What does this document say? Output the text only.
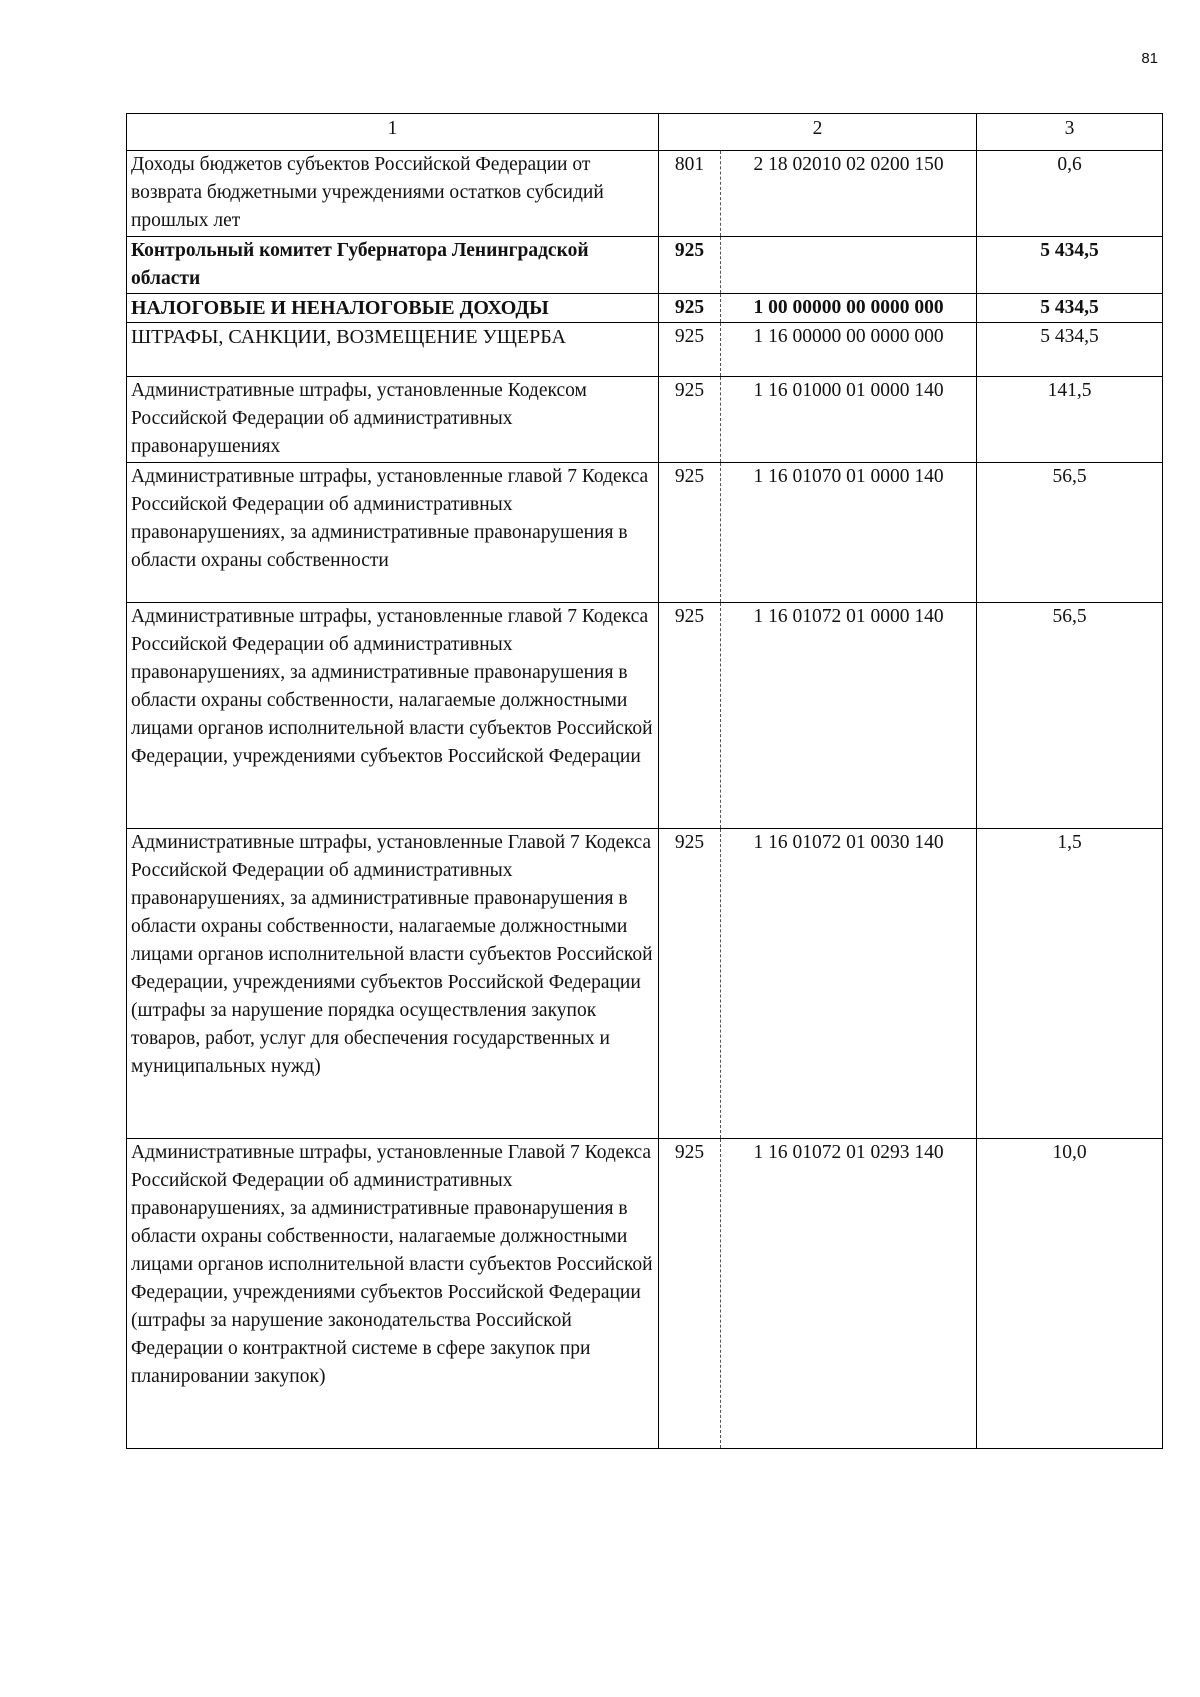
81
1	2		3
Доходы бюджетов субъектов Российской Федерации от возврата бюджетными учреждениями остатков субсидий прошлых лет	801	2 18 02010 02 0200 150	0,6
Контрольный комитет Губернатора Ленинградской области	925		5 434,5
НАЛОГОВЫЕ И НЕНАЛОГОВЫЕ ДОХОДЫ	925	1 00 00000 00 0000 000	5 434,5
ШТРАФЫ, САНКЦИИ, ВОЗМЕЩЕНИЕ УЩЕРБА	925	1 16 00000 00 0000 000	5 434,5
Административные штрафы, установленные Кодексом Российской Федерации об административных правонарушениях	925	1 16 01000 01 0000 140	141,5
Административные штрафы, установленные главой 7 Кодекса Российской Федерации об административных правонарушениях, за административные правонарушения в области охраны собственности	925	1 16 01070 01 0000 140	56,5
Административные штрафы, установленные главой 7 Кодекса Российской Федерации об административных правонарушениях, за административные правонарушения в области охраны собственности, налагаемые должностными лицами органов исполнительной власти субъектов Российской Федерации, учреждениями субъектов Российской Федерации	925	1 16 01072 01 0000 140	56,5
Административные штрафы, установленные Главой 7 Кодекса Российской Федерации об административных правонарушениях, за административные правонарушения в области охраны собственности, налагаемые должностными лицами органов исполнительной власти субъектов Российской Федерации, учреждениями субъектов Российской Федерации (штрафы за нарушение порядка осуществления закупок товаров, работ, услуг для обеспечения государственных и муниципальных нужд)	925	1 16 01072 01 0030 140	1,5
Административные штрафы, установленные Главой 7 Кодекса Российской Федерации об административных правонарушениях, за административные правонарушения в области охраны собственности, налагаемые должностными лицами органов исполнительной власти субъектов Российской Федерации, учреждениями субъектов Российской Федерации (штрафы за нарушение законодательства Российской Федерации о контрактной системе в сфере закупок при планировании закупок)	925	1 16 01072 01 0293 140	10,0
